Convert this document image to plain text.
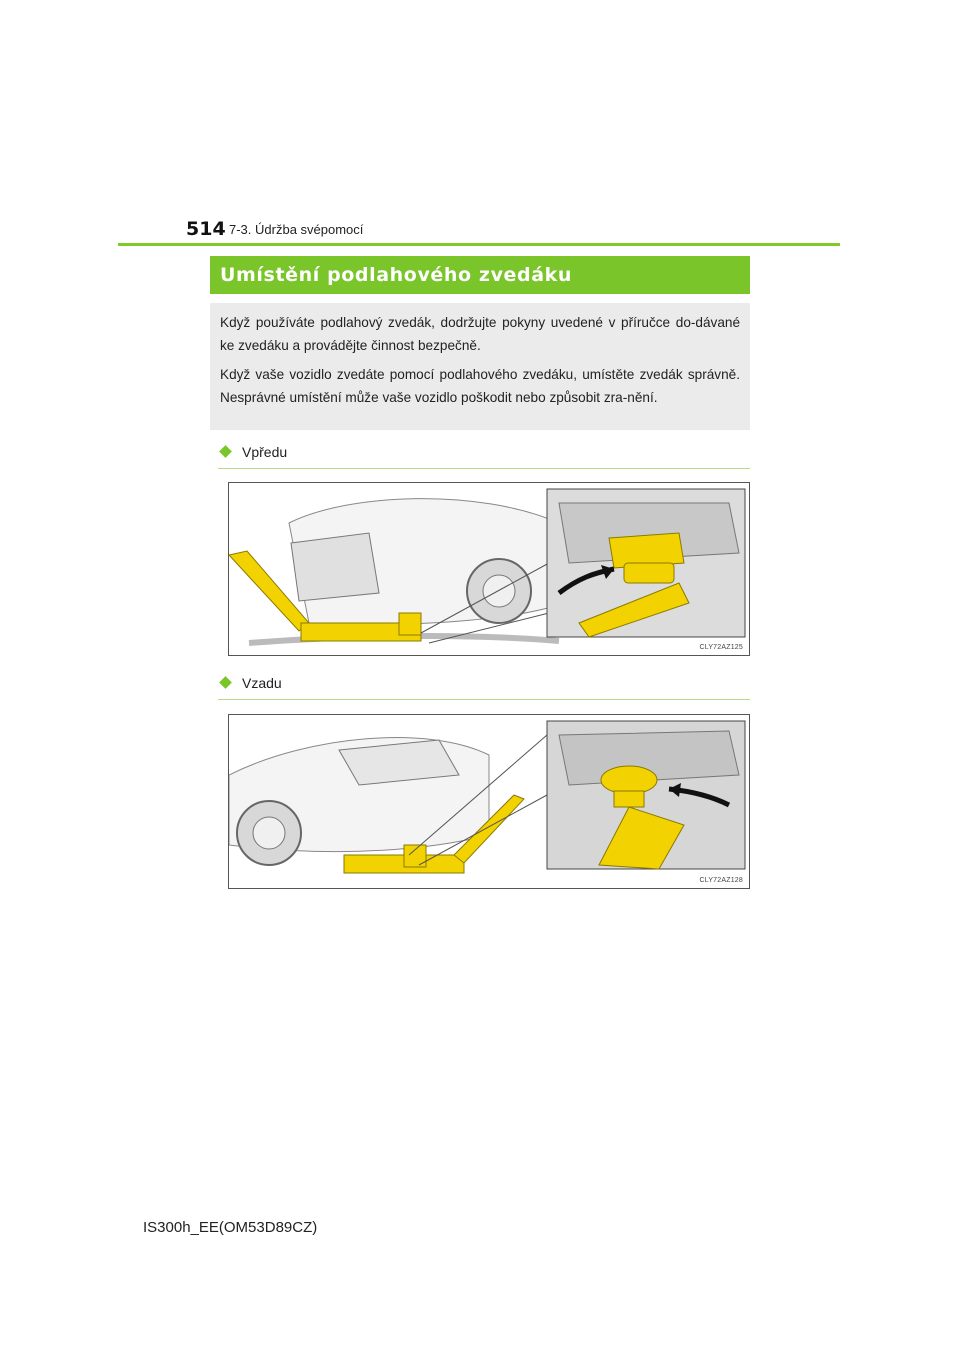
514 7-3. Údržba svépomocí
Umístění podlahového zvedáku

Když používáte podlahový zvedák, dodržujte pokyny uvedené v příručce do-dávané ke zvedáku a provádějte činnost bezpečně.

Když vaše vozidlo zvedáte pomocí podlahového zvedáku, umístěte zvedák správně. Nesprávné umístění může vaše vozidlo poškodit nebo způsobit zra-nění.

Vpředu
CLY72AZ125
Vzadu
CLY72AZ128
IS300h_EE(OM53D89CZ)
